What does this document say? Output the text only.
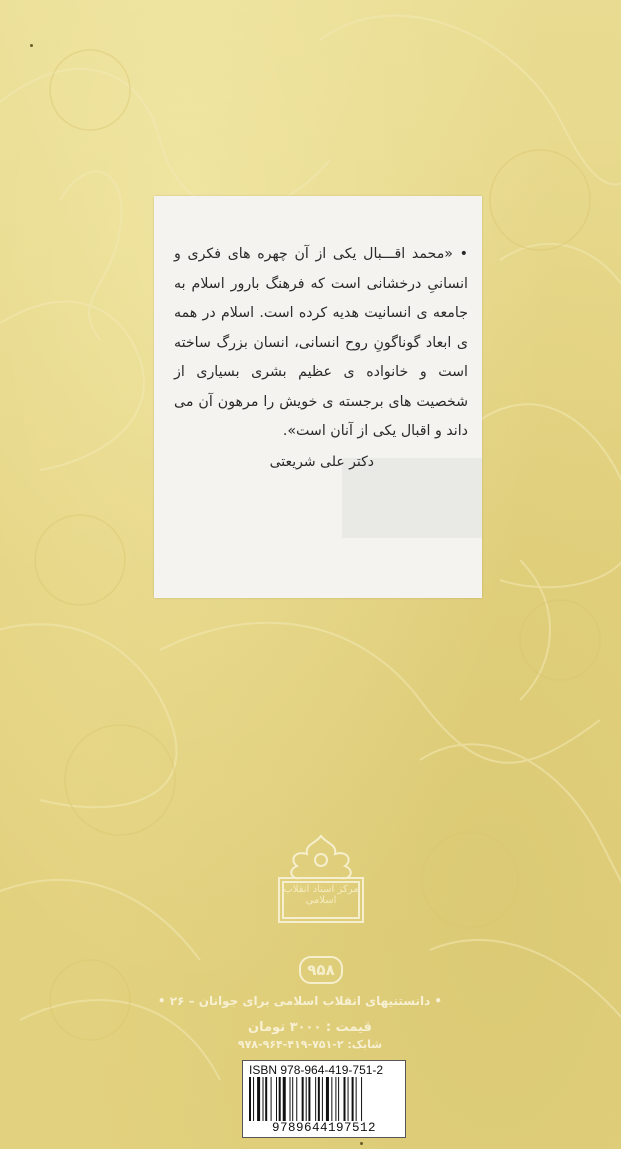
• «محمد اقـــبال یکی از آن چهره های فکری و انسانیِ درخشانی است که فرهنگ بارور اسلام به جامعه ی انسانیت هدیه کرده است. اسلام در همه ی ابعاد گوناگونِ روح انسانی، انسان بزرگ ساخته است و خانواده ی عظیم بشری بسیاری از شخصیت های برجسته ی خویش را مرهون آن می داند و اقبال یکی از آنان است».
دکتر علی شریعتی
مرکز اسناد انقلاب اسلامی
۹۵۸
• دانستنیهای انقلاب اسلامی برای جوانان – ۲۶ •
قیمت : ۳۰۰۰ تومان
شابک: ۲-۷۵۱-۴۱۹-۹۶۴-۹۷۸
ISBN 978-964-419-751-2
9789644197512
